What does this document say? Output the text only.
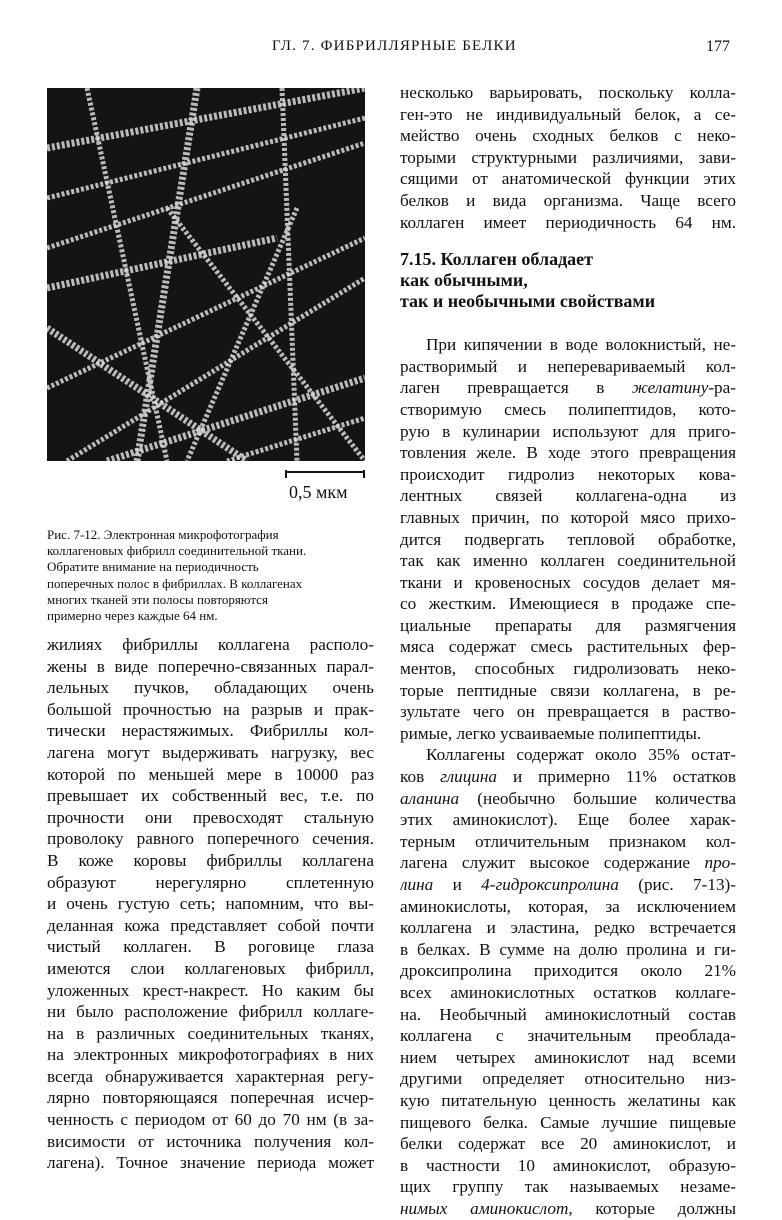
ГЛ. 7. ФИБРИЛЛЯРНЫЕ БЕЛКИ	177
0,5 мкм
Рис. 7-12. Электронная микрофотография
коллагеновых фибрилл соединительной ткани.
Обратите внимание на периодичность
поперечных полос в фибриллах. В коллагенах
многих тканей эти полосы повторяются
примерно через каждые 64 нм.
жилиях фибриллы коллагена располо-
жены в виде поперечно-связанных парал-
лельных пучков, обладающих очень
большой прочностью на разрыв и прак-
тически нерастяжимых. Фибриллы кол-
лагена могут выдерживать нагрузку, вес
которой по меньшей мере в 10000 раз
превышает их собственный вес, т.е. по
прочности они превосходят стальную
проволоку равного поперечного сечения.
В коже коровы фибриллы коллагена
образуют нерегулярно сплетенную
и очень густую сеть; напомним, что вы-
деланная кожа представляет собой почти
чистый коллаген. В роговице глаза
имеются слои коллагеновых фибрилл,
уложенных крест-накрест. Но каким бы
ни было расположение фибрилл коллаге-
на в различных соединительных тканях,
на электронных микрофотографиях в них
всегда обнаруживается характерная регу-
лярно повторяющаяся поперечная исчер-
ченность с периодом от 60 до 70 нм (в за-
висимости от источника получения кол-
лагена). Точное значение периода может
несколько варьировать, поскольку колла-
ген-это не индивидуальный белок, а се-
мейство очень сходных белков с неко-
торыми структурными различиями, зави-
сящими от анатомической функции этих
белков и вида организма. Чаще всего
коллаген имеет периодичность 64 нм.
7.15. Коллаген обладает
как обычными,
так и необычными свойствами
При кипячении в воде волокнистый, не-
растворимый и неперевариваемый кол-
лаген превращается в желатину-ра-
створимую смесь полипептидов, кото-
рую в кулинарии используют для приго-
товления желе. В ходе этого превращения
происходит гидролиз некоторых кова-
лентных связей коллагена-одна из
главных причин, по которой мясо прихо-
дится подвергать тепловой обработке,
так как именно коллаген соединительной
ткани и кровеносных сосудов делает мя-
со жестким. Имеющиеся в продаже спе-
циальные препараты для размягчения
мяса содержат смесь растительных фер-
ментов, способных гидролизовать неко-
торые пептидные связи коллагена, в ре-
зультате чего он превращается в раство-
римые, легко усваиваемые полипептиды.
Коллагены содержат около 35% остат-
ков глицина и примерно 11% остатков
аланина (необычно большие количества
этих аминокислот). Еще более харак-
терным отличительным признаком кол-
лагена служит высокое содержание про-
лина и 4-гидроксипролина (рис. 7-13)-
аминокислоты, которая, за исключением
коллагена и эластина, редко встречается
в белках. В сумме на долю пролина и ги-
дроксипролина приходится около 21%
всех аминокислотных остатков коллаге-
на. Необычный аминокислотный состав
коллагена с значительным преоблада-
нием четырех аминокислот над всеми
другими определяет относительно низ-
кую питательную ценность желатины как
пищевого белка. Самые лучшие пищевые
белки содержат все 20 аминокислот, и
в частности 10 аминокислот, образую-
щих группу так называемых незаме-
нимых аминокислот, которые должны
